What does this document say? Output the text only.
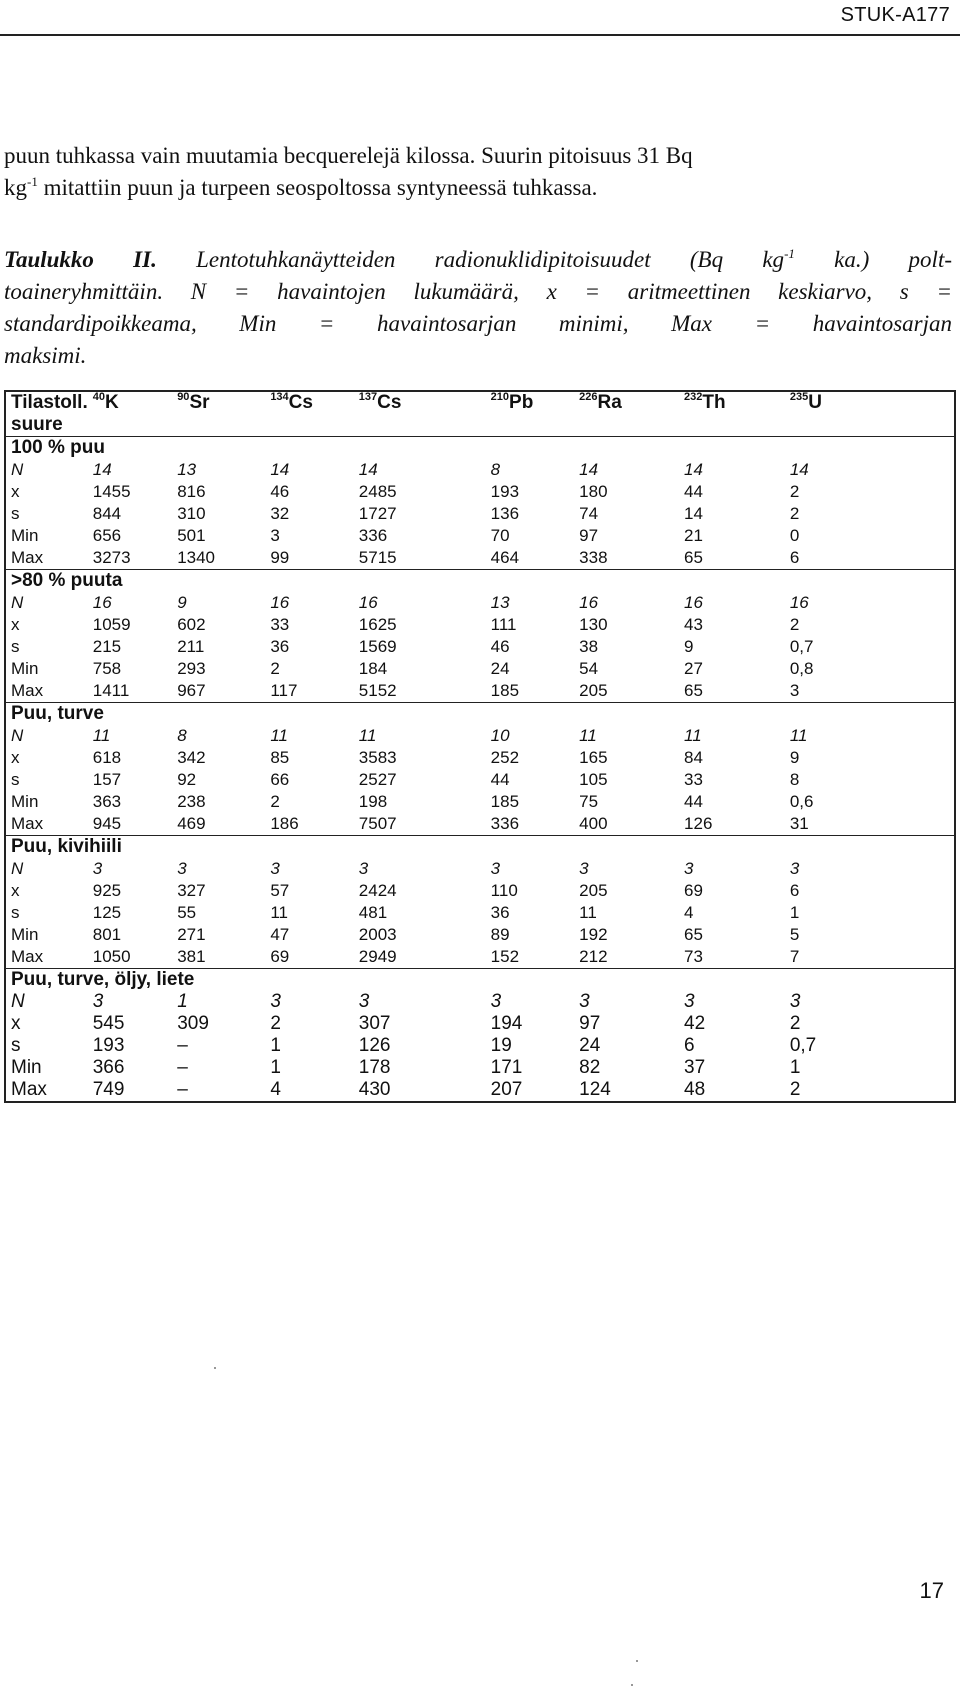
STUK-A177
puun tuhkassa vain muutamia becquerelejä kilossa. Suurin pitoisuus 31 Bq
$kg^{-1}$ mitattiin puun ja turpeen seospoltossa syntyneessä tuhkassa.
Taulukko II. Lentotuhkanäytteiden radionuklidipitoisuudet (Bq $kg^{-1}$ ka.) polt-
toaineryhmittäin. N = havaintojen lukumäärä, x = aritmeettinen keskiarvo, s =
standardipoikkeama, Min = havaintosarjan minimi, Max = havaintosarjan
maksimi.
Tilastoll.	$^{40}$K	$^{90}$Sr	$^{134}$Cs	$^{137}$Cs	$^{210}$Pb	$^{226}$Ra	$^{232}$Th	$^{235}$U
suure								
100 % puu								
N	14	13	14	14	8	14	14	14
x	1455	816	46	2485	193	180	44	2
s	844	310	32	1727	136	74	14	2
Min	656	501	3	336	70	97	21	0
Max	3273	1340	99	5715	464	338	65	6
>80 % puuta								
N	16	9	16	16	13	16	16	16
x	1059	602	33	1625	111	130	43	2
s	215	211	36	1569	46	38	9	0,7
Min	758	293	2	184	24	54	27	0,8
Max	1411	967	117	5152	185	205	65	3
Puu, turve								
N	11	8	11	11	10	11	11	11
x	618	342	85	3583	252	165	84	9
s	157	92	66	2527	44	105	33	8
Min	363	238	2	198	185	75	44	0,6
Max	945	469	186	7507	336	400	126	31
Puu, kivihiili								
N	3	3	3	3	3	3	3	3
x	925	327	57	2424	110	205	69	6
s	125	55	11	481	36	11	4	1
Min	801	271	47	2003	89	192	65	5
Max	1050	381	69	2949	152	212	73	7
Puu, turve, öljy, liete								
N	3	1	3	3	3	3	3	3
x	545	309	2	307	194	97	42	2
s	193	–	1	126	19	24	6	0,7
Min	366	–	1	178	171	82	37	1
Max	749	–	4	430	207	124	48	2
17
